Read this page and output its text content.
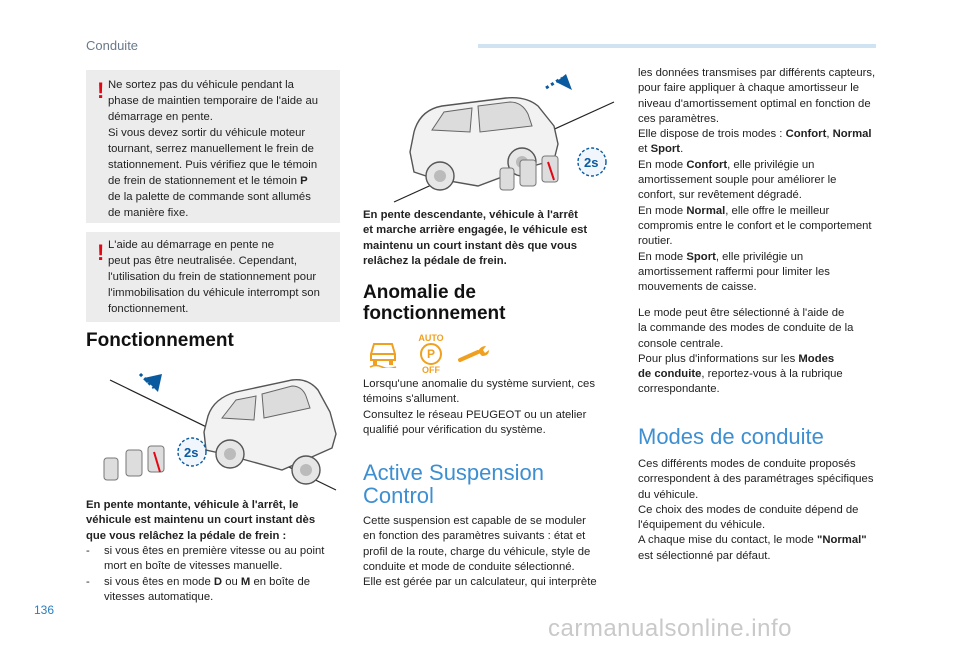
Conduite
! Ne sortez pas du véhicule pendant la
phase de maintien temporaire de l'aide au
démarrage en pente.
Si vous devez sortir du véhicule moteur
tournant, serrez manuellement le frein de
stationnement. Puis vérifiez que le témoin
de frein de stationnement et le témoin P
de la palette de commande sont allumés
de manière fixe.
! L'aide au démarrage en pente ne
peut pas être neutralisée. Cependant,
l'utilisation du frein de stationnement pour
l'immobilisation du véhicule interrompt son
fonctionnement.
Fonctionnement
2s
En pente montante, véhicule à l'arrêt, le
véhicule est maintenu un court instant dès
que vous relâchez la pédale de frein :
- si vous êtes en première vitesse ou au point
mort en boîte de vitesses manuelle.
- si vous êtes en mode D ou M en boîte de
vitesses automatique.
2s
En pente descendante, véhicule à l'arrêt
et marche arrière engagée, le véhicule est
maintenu un court instant dès que vous
relâchez la pédale de frein.
Anomalie de
fonctionnement
AUTO
P
OFF
Lorsqu'une anomalie du système survient, ces
témoins s'allument.
Consultez le réseau PEUGEOT ou un atelier
qualifié pour vérification du système.
Active Suspension
Control
Cette suspension est capable de se moduler
en fonction des paramètres suivants : état et
profil de la route, charge du véhicule, style de
conduite et mode de conduite sélectionné.
Elle est gérée par un calculateur, qui interprète
les données transmises par différents capteurs,
pour faire appliquer à chaque amortisseur le
niveau d'amortissement optimal en fonction de
ces paramètres.
Elle dispose de trois modes : Confort, Normal
et Sport.
En mode Confort, elle privilégie un
amortissement souple pour améliorer le
confort, sur revêtement dégradé.
En mode Normal, elle offre le meilleur
compromis entre le confort et le comportement
routier.
En mode Sport, elle privilégie un
amortissement raffermi pour limiter les
mouvements de caisse.
Le mode peut être sélectionné à l'aide de
la commande des modes de conduite de la
console centrale.
Pour plus d'informations sur les Modes
de conduite, reportez-vous à la rubrique
correspondante.
Modes de conduite
Ces différents modes de conduite proposés
correspondent à des paramétrages spécifiques
du véhicule.
Ce choix des modes de conduite dépend de
l'équipement du véhicule.
A chaque mise du contact, le mode "Normal"
est sélectionné par défaut.
136
carmanualsonline.info
